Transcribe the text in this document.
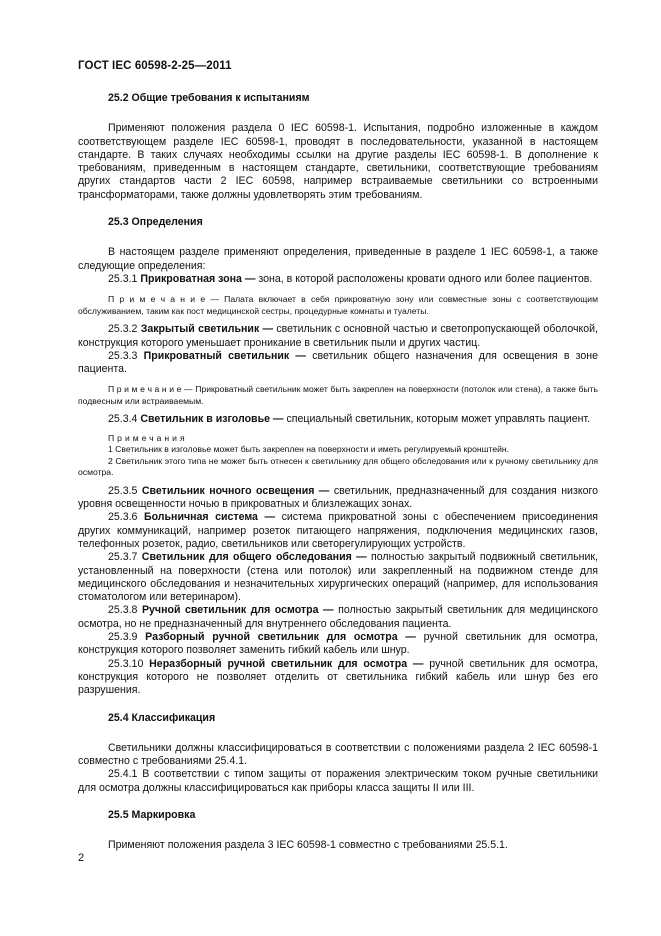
ГОСТ IEC 60598-2-25—2011
25.2 Общие требования к испытаниям

Применяют положения раздела 0 IEC 60598-1. Испытания, подробно изложенные в каждом соответствующем разделе IEC 60598-1, проводят в последовательности, указанной в настоящем стандарте. В таких случаях необходимы ссылки на другие разделы IEC 60598-1. В дополнение к требованиям, приведенным в настоящем стандарте, светильники, соответствующие требованиям других стандартов части 2 IEC 60598, например встраиваемые светильники со встроенными трансформаторами, также должны удовлетворять этим требованиям.

25.3 Определения

В настоящем разделе применяют определения, приведенные в разделе 1 IEC 60598-1, а также следующие определения:

25.3.1 Прикроватная зона — зона, в которой расположены кровати одного или более пациентов.

П р и м е ч а н и е — Палата включает в себя прикроватную зону или совместные зоны с соответствующим обслуживанием, таким как пост медицинской сестры, процедурные комнаты и туалеты.

25.3.2 Закрытый светильник — светильник с основной частью и светопропускающей оболочкой, конструкция которого уменьшает проникание в светильник пыли и других частиц.

25.3.3 Прикроватный светильник — светильник общего назначения для освещения в зоне пациента.

П р и м е ч а н и е — Прикроватный светильник может быть закреплен на поверхности (потолок или стена), а также быть подвесным или встраиваемым.

25.3.4 Светильник в изголовье — специальный светильник, которым может управлять пациент.

Примечания
1 Светильник в изголовье может быть закреплен на поверхности и иметь регулируемый кронштейн.
2 Светильник этого типа не может быть отнесен к светильнику для общего обследования или к ручному светильнику для осмотра.

25.3.5 Светильник ночного освещения — светильник, предназначенный для создания низкого уровня освещенности ночью в прикроватных и близлежащих зонах.

25.3.6 Больничная система — система прикроватной зоны с обеспечением присоединения других коммуникаций, например розеток питающего напряжения, подключения медицинских газов, телефонных розеток, радио, светильников или светорегулирующих устройств.

25.3.7 Светильник для общего обследования — полностью закрытый подвижный светильник, установленный на поверхности (стена или потолок) или закрепленный на подвижном стенде для медицинского обследования и незначительных хирургических операций (например, для использования стоматологом или ветеринаром).

25.3.8 Ручной светильник для осмотра — полностью закрытый светильник для медицинского осмотра, но не предназначенный для внутреннего обследования пациента.

25.3.9 Разборный ручной светильник для осмотра — ручной светильник для осмотра, конструкция которого позволяет заменить гибкий кабель или шнур.

25.3.10 Неразборный ручной светильник для осмотра — ручной светильник для осмотра, конструкция которого не позволяет отделить от светильника гибкий кабель или шнур без его разрушения.

25.4 Классификация

Светильники должны классифицироваться в соответствии с положениями раздела 2 IEC 60598-1 совместно с требованиями 25.4.1.

25.4.1 В соответствии с типом защиты от поражения электрическим током ручные светильники для осмотра должны классифицироваться как приборы класса защиты II или III.

25.5 Маркировка

Применяют положения раздела 3 IEC 60598-1 совместно с требованиями 25.5.1.

2
